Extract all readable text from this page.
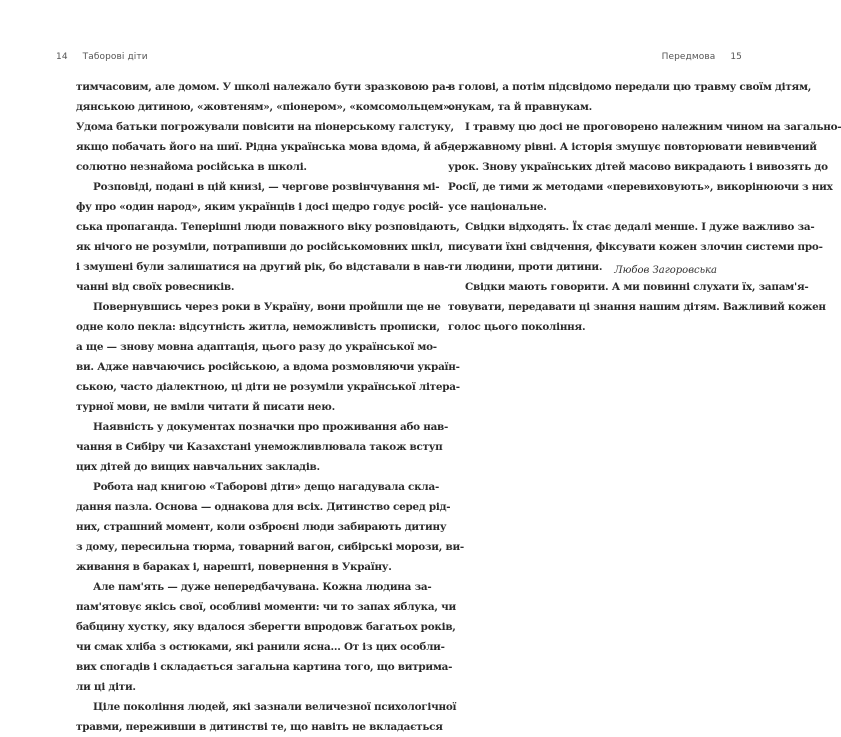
14 Таборові діти
тимчасовим, але домом. У школі належало бути зразковою ра-
дянською дитиною, «жовтеням», «піонером», «комсомольцем».
Удома батьки погрожували повісити на піонерському галстуку,
якщо побачать його на шиї. Рідна українська мова вдома, й аб-
солютно незнайома російська в школі.
Розповіді, подані в цій книзі, — чергове розвінчування мі-
фу про «один народ», яким українців і досі щедро годує росій-
ська пропаганда. Теперішні люди поважного віку розповідають,
як нічого не розуміли, потрапивши до російськомовних шкіл,
і змушені були залишатися на другий рік, бо відставали в нав-
чанні від своїх ровесників.
Повернувшись через роки в Україну, вони пройшли ще не
одне коло пекла: відсутність житла, неможливість прописки,
а ще — знову мовна адаптація, цього разу до української мо-
ви. Адже навчаючись російською, а вдома розмовляючи україн-
ською, часто діалектною, ці діти не розуміли української літера-
турної мови, не вміли читати й писати нею.
Наявність у документах позначки про проживання або нав-
чання в Сибіру чи Казахстані унеможливлювала також вступ
цих дітей до вищих навчальних закладів.
Робота над книгою «Таборові діти» дещо нагадувала скла-
дання пазла. Основа — однакова для всіх. Дитинство серед рід-
них, страшний момент, коли озброєні люди забирають дитину
з дому, пересильна тюрма, товарний вагон, сибірські морози, ви-
живання в бараках і, нарешті, повернення в Україну.
Але пам'ять — дуже непередбачувана. Кожна людина за-
пам'ятовує якісь свої, особливі моменти: чи то запах яблука, чи
бабцину хустку, яку вдалося зберегти впродовж багатьох років,
чи смак хліба з остюками, які ранили ясна... От із цих особли-
вих спогадів і складається загальна картина того, що витрима-
ли ці діти.
Ціле покоління людей, які зазнали величезної психологічної
травми, переживши в дитинстві те, що навіть не вкладається
Передмова 15
в голові, а потім підсвідомо передали цю травму своїм дітям,
онукам, та й правнукам.
І травму цю досі не проговорено належним чином на загально-
державному рівні. А історія змушує повторювати невивчений
урок. Знову українських дітей масово викрадають і вивозять до
Росії, де тими ж методами «перевиховують», викорінюючи з них
усе національне.
Свідки відходять. Їх стає дедалі менше. І дуже важливо за-
писувати їхні свідчення, фіксувати кожен злочин системи про-
ти людини, проти дитини.
Свідки мають говорити. А ми повинні слухати їх, запам'я-
товувати, передавати ці знання нашим дітям. Важливий кожен
голос цього покоління.
Любов Загоровська
